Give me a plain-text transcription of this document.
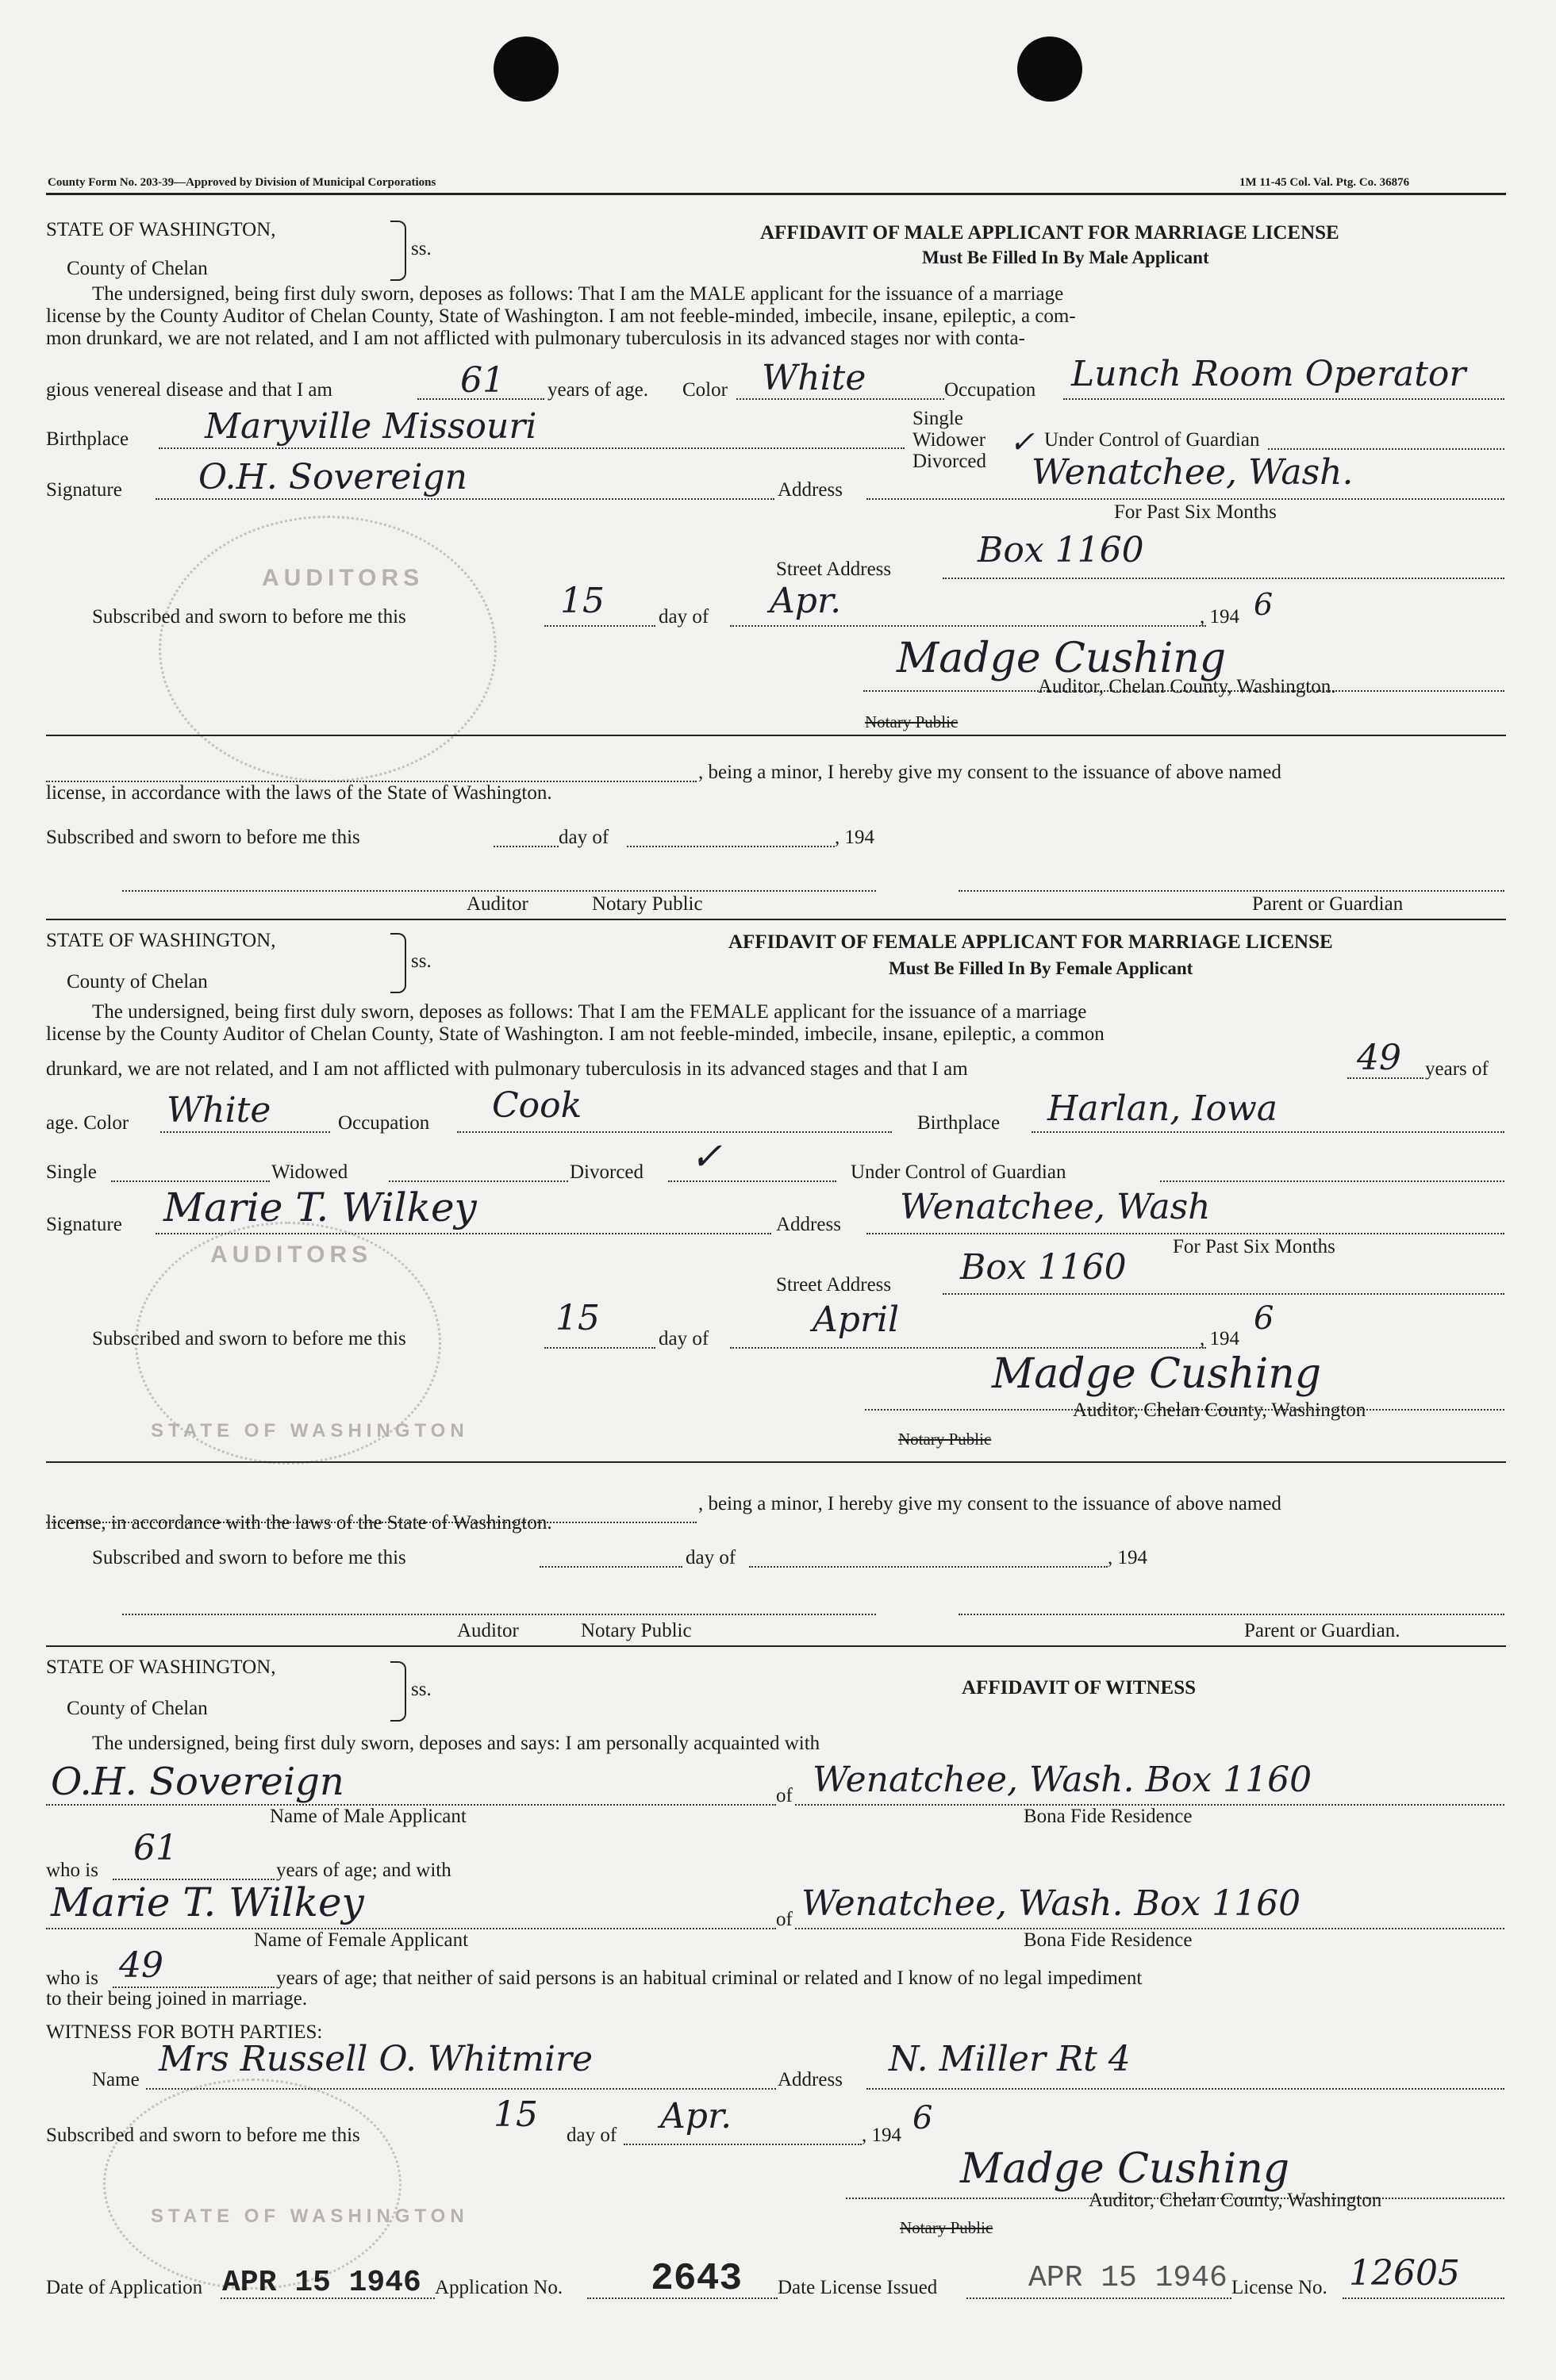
County Form No. 203-39—Approved by Division of Municipal Corporations	1M 11-45 Col. Val. Ptg. Co. 36876
AUDITORS
AUDITORS
STATE OF WASHINGTON
STATE OF WASHINGTON
STATE OF WASHINGTON,
County of Chelan
ss.
AFFIDAVIT OF MALE APPLICANT FOR MARRIAGE LICENSE
Must Be Filled In By Male Applicant
The undersigned, being first duly sworn, deposes as follows: That I am the MALE applicant for the issuance of a marriage
license by the County Auditor of Chelan County, State of Washington. I am not feeble-minded, imbecile, insane, epileptic, a com-
mon drunkard, we are not related, and I am not afflicted with pulmonary tuberculosis in its advanced stages nor with conta-
gious venereal disease and that I am	61 years of age. Color White	Occupation Lunch Room Operator
Birthplace Maryville Missouri	Single
Widower
Divorced
✓ Under Control of Guardian
Signature O.H. Sovereign	Address	Wenatchee, Wash.
For Past Six Months
Street Address Box 1160
Subscribed and sworn to before me this	15	day of Apr.	, 194 6
Madge Cushing
Auditor, Chelan County, Washington.
Notary Public
, being a minor, I hereby give my consent to the issuance of above named
license, in accordance with the laws of the State of Washington.
Subscribed and sworn to before me this	day of	, 194
Auditor	Notary Public	Parent or Guardian
STATE OF WASHINGTON,
County of Chelan
ss.
AFFIDAVIT OF FEMALE APPLICANT FOR MARRIAGE LICENSE
Must Be Filled In By Female Applicant
The undersigned, being first duly sworn, deposes as follows: That I am the FEMALE applicant for the issuance of a marriage
license by the County Auditor of Chelan County, State of Washington. I am not feeble-minded, imbecile, insane, epileptic, a common
drunkard, we are not related, and I am not afflicted with pulmonary tuberculosis in its advanced stages and that I am	49 years of
age. Color White	Occupation Cook	Birthplace Harlan, Iowa
Single	Widowed	Divorced ✓	Under Control of Guardian
Signature Marie T. Wilkey	Address Wenatchee, Wash
For Past Six Months
Street Address Box 1160
Subscribed and sworn to before me this
15
day of	April	, 194
6
Madge Cushing
Auditor, Chelan County, Washington
Notary Public
, being a minor, I hereby give my consent to the issuance of above named
license, in accordance with the laws of the State of Washington.
Subscribed and sworn to before me this	day of	, 194
Auditor	Notary Public	Parent or Guardian.
STATE OF WASHINGTON,
County of Chelan
ss.	AFFIDAVIT OF WITNESS
The undersigned, being first duly sworn, deposes and says: I am personally acquainted with
O.H. Sovereign	of Wenatchee, Wash. Box 1160
Name of Male Applicant	Bona Fide Residence
who is
61
years of age; and with
Marie T. Wilkey	of Wenatchee, Wash. Box 1160
Name of Female Applicant	Bona Fide Residence
who is 49	years of age; that neither of said persons is an habitual criminal or related and I know of no legal impediment
to their being joined in marriage.
WITNESS FOR BOTH PARTIES:
Name
Mrs Russell O. Whitmire
Address
N. Miller Rt 4
Subscribed and sworn to before me this
15
day of Apr.	, 194 6
Madge Cushing
Auditor, Chelan County, Washington
Notary Public
Date of Application APR 15 1946 Application No. 2643 Date License Issued	APR 15 1946 License No. 12605
